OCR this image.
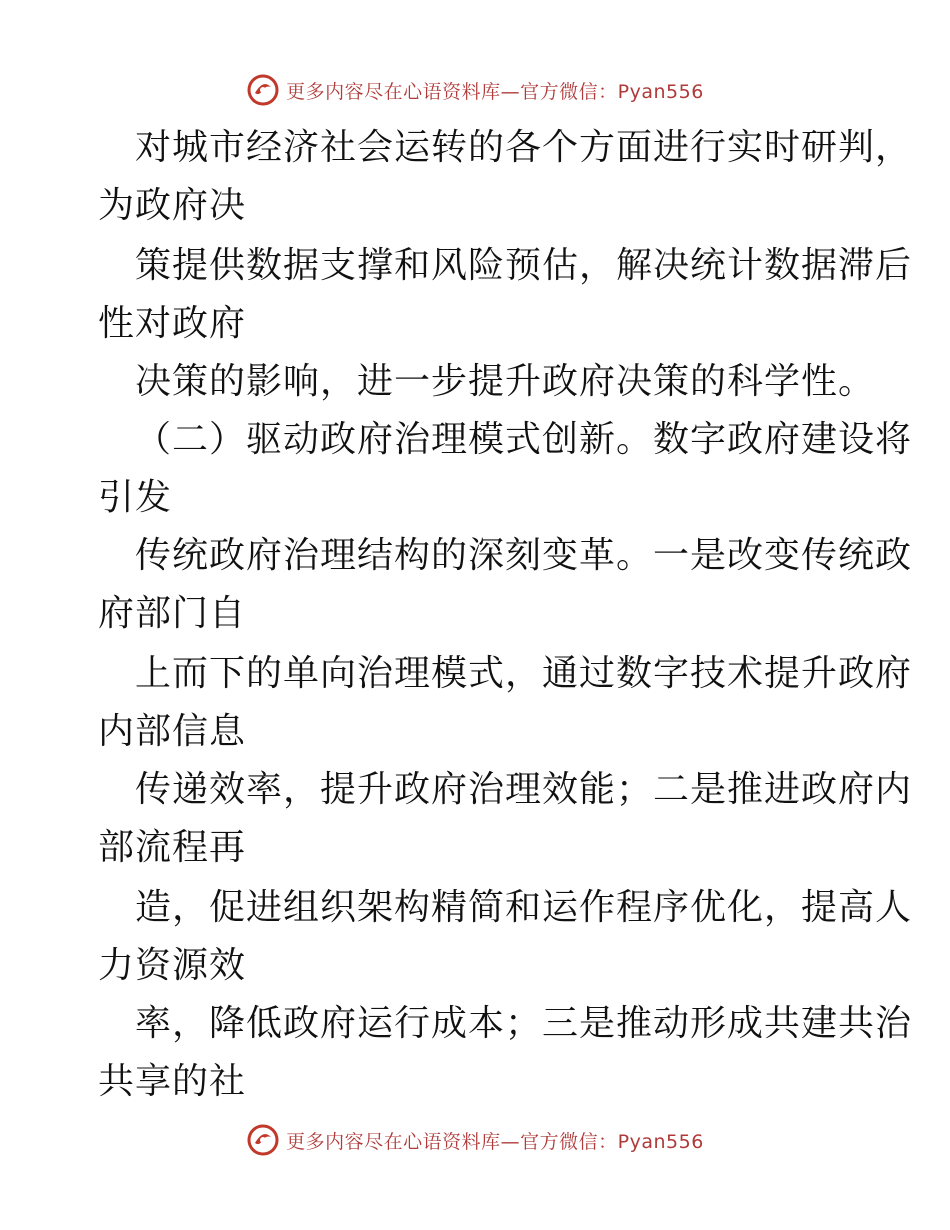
更多内容尽在心语资料库—官方微信：Pyan556
对城市经济社会运转的各个方面进行实时研判，
为政府决
策提供数据支撑和风险预估，解决统计数据滞后
性对政府
决策的影响，进一步提升政府决策的科学性。
（二）驱动政府治理模式创新。数字政府建设将
引发
传统政府治理结构的深刻变革。一是改变传统政
府部门自
上而下的单向治理模式，通过数字技术提升政府
内部信息
传递效率，提升政府治理效能；二是推进政府内
部流程再
造，促进组织架构精简和运作程序优化，提高人
力资源效
率，降低政府运行成本；三是推动形成共建共治
共享的社
更多内容尽在心语资料库—官方微信：Pyan556
